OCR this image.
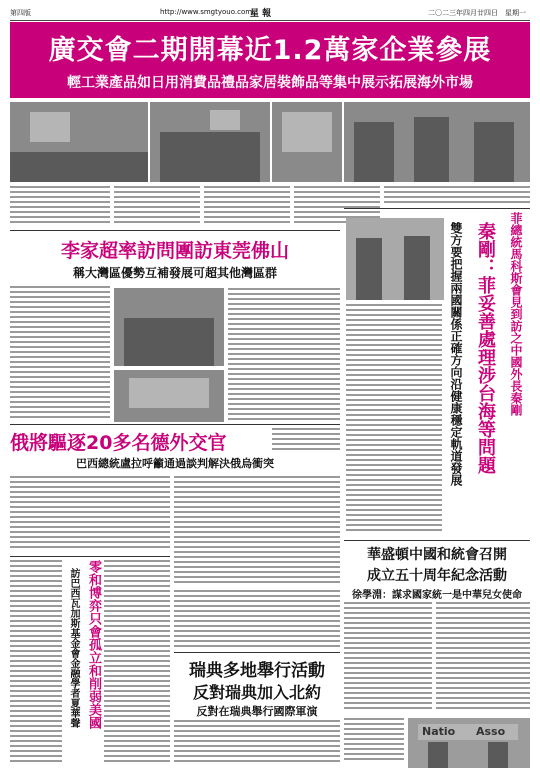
第四版	http://www.smgtyouo.com
星 報	二〇二三年四月廿四日　星期一
廣交會二期開幕近1.2萬家企業參展
輕工業產品如日用消費品禮品家居裝飾品等集中展示拓展海外市場
菲總統馬科斯會見到訪之中國外長秦剛
秦剛：菲妥善處理涉台海等問題
雙方要把握兩國關係正確方向沿健康穩定軌道發展
李家超率訪問團訪東莞佛山
稱大灣區優勢互補發展可超其他灣區群
俄將驅逐20多名德外交官
巴西總統盧拉呼籲通過談判解決俄烏衝突
零和博弈只會孤立和削弱美國
訪巴西瓦加斯基金會金融學者夏華聲	瑞典多地舉行活動
反對瑞典加入北約
反對在瑞典舉行國際軍演
華盛頓中國和統會召開
成立五十周年紀念活動
徐學淵：謀求國家統一是中華兒女使命
Natio Asso
